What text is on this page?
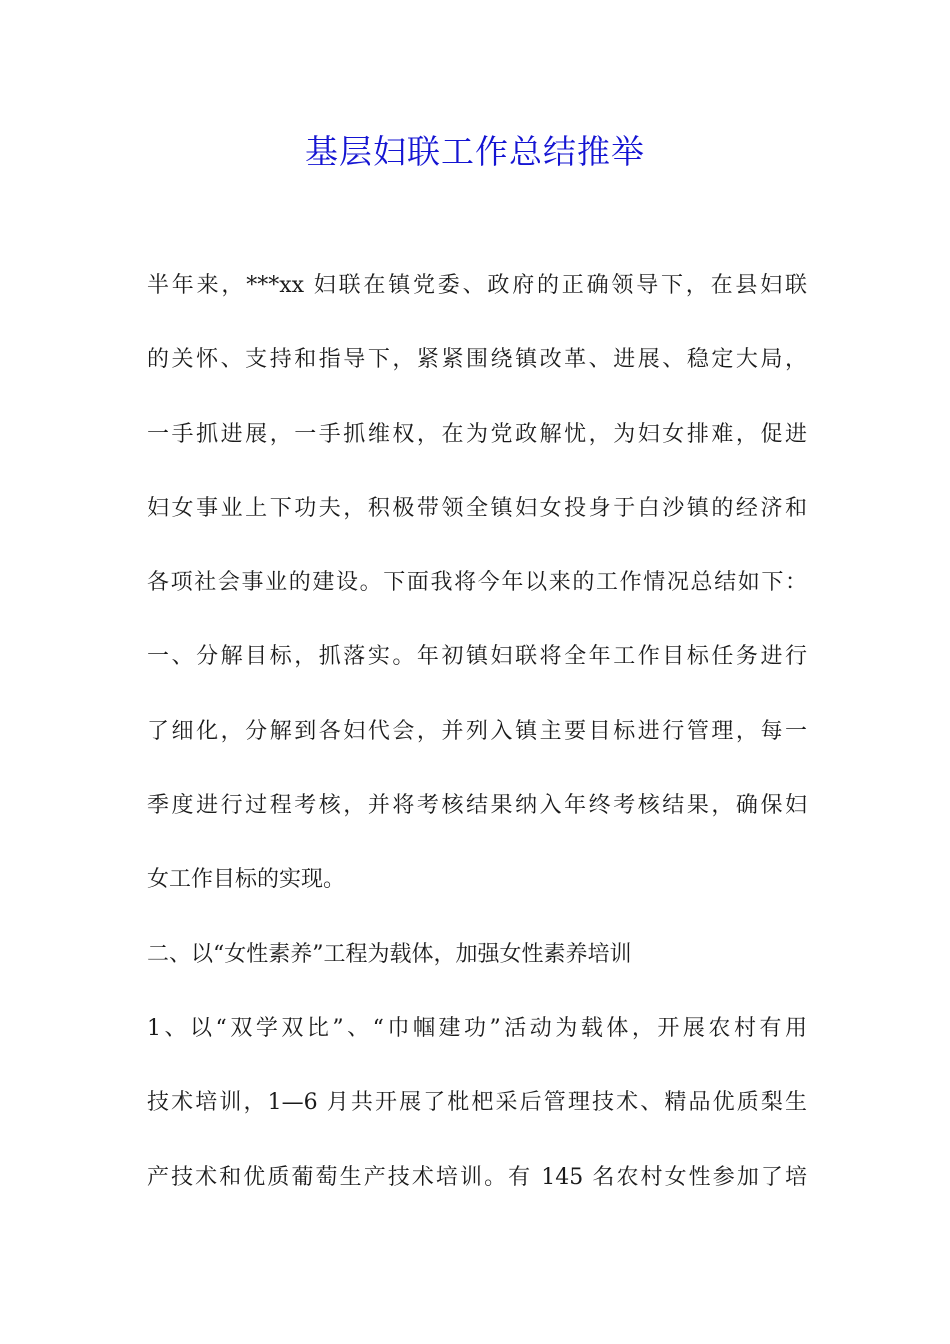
基层妇联工作总结推举

半年来，***xx 妇联在镇党委、政府的正确领导下，在县妇联

的关怀、支持和指导下，紧紧围绕镇改革、进展、稳定大局，

一手抓进展，一手抓维权，在为党政解忧，为妇女排难，促进

妇女事业上下功夫，积极带领全镇妇女投身于白沙镇的经济和

各项社会事业的建设。下面我将今年以来的工作情况总结如下：

一、分解目标，抓落实。年初镇妇联将全年工作目标任务进行

了细化，分解到各妇代会，并列入镇主要目标进行管理，每一

季度进行过程考核，并将考核结果纳入年终考核结果，确保妇

女工作目标的实现。

二、以“女性素养”工程为载体，加强女性素养培训

1、以“双学双比”、“巾帼建功”活动为载体，开展农村有用

技术培训，1—6 月共开展了枇杷采后管理技术、精品优质梨生

产技术和优质葡萄生产技术培训。有 145 名农村女性参加了培
